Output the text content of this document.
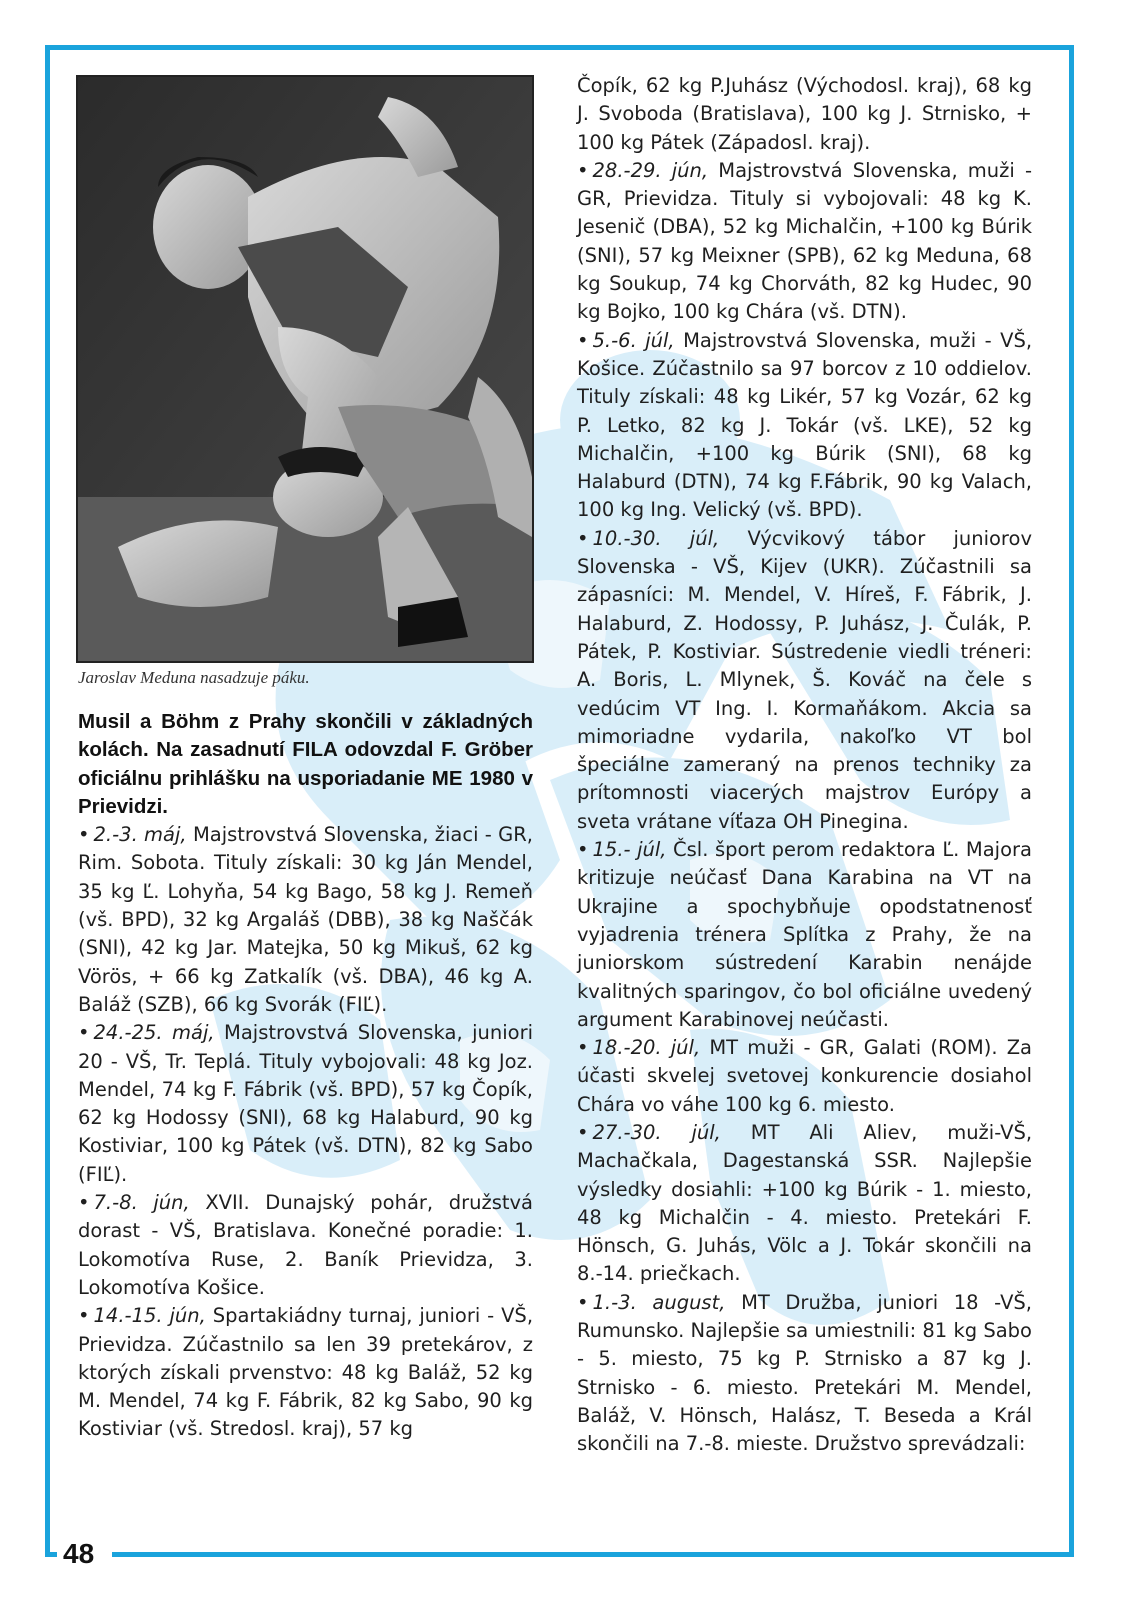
48
Jaroslav Meduna nasadzuje páku.

Musil a Böhm z Prahy skončili v základných kolách. Na zasadnutí FILA odovzdal F. Gröber oficiálnu prihlášku na usporiadanie ME 1980 v Prievidzi.

• 2.-3. máj, Majstrovstvá Slovenska, žiaci - GR, Rim. Sobota. Tituly získali: 30 kg Ján Mendel, 35 kg Ľ. Lohyňa, 54 kg Bago, 58 kg J. Remeň (vš. BPD), 32 kg Argaláš (DBB), 38 kg Naščák (SNI), 42 kg Jar. Matejka, 50 kg Mikuš, 62 kg Vörös, + 66 kg Zatkalík (vš. DBA), 46 kg A. Baláž (SZB), 66 kg Svorák (FIĽ).

• 24.-25. máj, Majstrovstvá Slovenska, juniori 20 - VŠ, Tr. Teplá. Tituly vybojovali: 48 kg Joz. Mendel, 74 kg F. Fábrik (vš. BPD), 57 kg Čopík, 62 kg Hodossy (SNI), 68 kg Halaburd, 90 kg Kostiviar, 100 kg Pátek (vš. DTN), 82 kg Sabo (FIĽ).

• 7.-8. jún, XVII. Dunajský pohár, družstvá dorast - VŠ, Bratislava. Konečné poradie: 1. Lokomotíva Ruse, 2. Baník Prievidza, 3. Lokomotíva Košice.

• 14.-15. jún, Spartakiádny turnaj, juniori - VŠ, Prievidza. Zúčastnilo sa len 39 pretekárov, z ktorých získali prvenstvo: 48 kg Baláž, 52 kg M. Mendel, 74 kg F. Fábrik, 82 kg Sabo, 90 kg Kostiviar (vš. Stredosl. kraj), 57 kg

Čopík, 62 kg P.Juhász (Východosl. kraj), 68 kg J. Svoboda (Bratislava), 100 kg J. Strnisko, + 100 kg Pátek (Západosl. kraj).

• 28.-29. jún, Majstrovstvá Slovenska, muži - GR, Prievidza. Tituly si vybojovali: 48 kg K. Jesenič (DBA), 52 kg Michalčin, +100 kg Búrik (SNI), 57 kg Meixner (SPB), 62 kg Meduna, 68 kg Soukup, 74 kg Chorváth, 82 kg Hudec, 90 kg Bojko, 100 kg Chára (vš. DTN).

• 5.-6. júl, Majstrovstvá Slovenska, muži - VŠ, Košice. Zúčastnilo sa 97 borcov z 10 oddielov. Tituly získali: 48 kg Likér, 57 kg Vozár, 62 kg P. Letko, 82 kg J. Tokár (vš. LKE), 52 kg Michalčin, +100 kg Búrik (SNI), 68 kg Halaburd (DTN), 74 kg F.Fábrik, 90 kg Valach, 100 kg Ing. Velický (vš. BPD).

• 10.-30. júl, Výcvikový tábor juniorov Slovenska - VŠ, Kijev (UKR). Zúčastnili sa zápasníci: M. Mendel, V. Híreš, F. Fábrik, J. Halaburd, Z. Hodossy, P. Juhász, J. Čulák, P. Pátek, P. Kostiviar. Sústredenie viedli tréneri: A. Boris, L. Mlynek, Š. Kováč na čele s vedúcim VT Ing. I. Kormaňákom. Akcia sa mimoriadne vydarila, nakoľko VT bol špeciálne zameraný na prenos techniky za prítomnosti viacerých majstrov Európy a sveta vrátane víťaza OH Pinegina.

• 15.- júl, Čsl. šport perom redaktora Ľ. Majora kritizuje neúčasť Dana Karabina na VT na Ukrajine a spochybňuje opodstatnenosť vyjadrenia trénera Splítka z Prahy, že na juniorskom sústredení Karabin nenájde kvalitných sparingov, čo bol oficiálne uvedený argument Karabinovej neúčasti.

• 18.-20. júl, MT muži - GR, Galati (ROM). Za účasti skvelej svetovej konkurencie dosiahol Chára vo váhe 100 kg 6. miesto.

• 27.-30. júl, MT Ali Aliev, muži-VŠ, Machačkala, Dagestanská SSR. Najlepšie výsledky dosiahli: +100 kg Búrik - 1. miesto, 48 kg Michalčin - 4. miesto. Pretekári F. Hönsch, G. Juhás, Völc a J. Tokár skončili na 8.-14. priečkach.

• 1.-3. august, MT Družba, juniori 18 -VŠ, Rumunsko. Najlepšie sa umiestnili: 81 kg Sabo - 5. miesto, 75 kg P. Strnisko a 87 kg J. Strnisko - 6. miesto. Pretekári M. Mendel, Baláž, V. Hönsch, Halász, T. Beseda a Král skončili na 7.-8. mieste. Družstvo sprevádzali:
